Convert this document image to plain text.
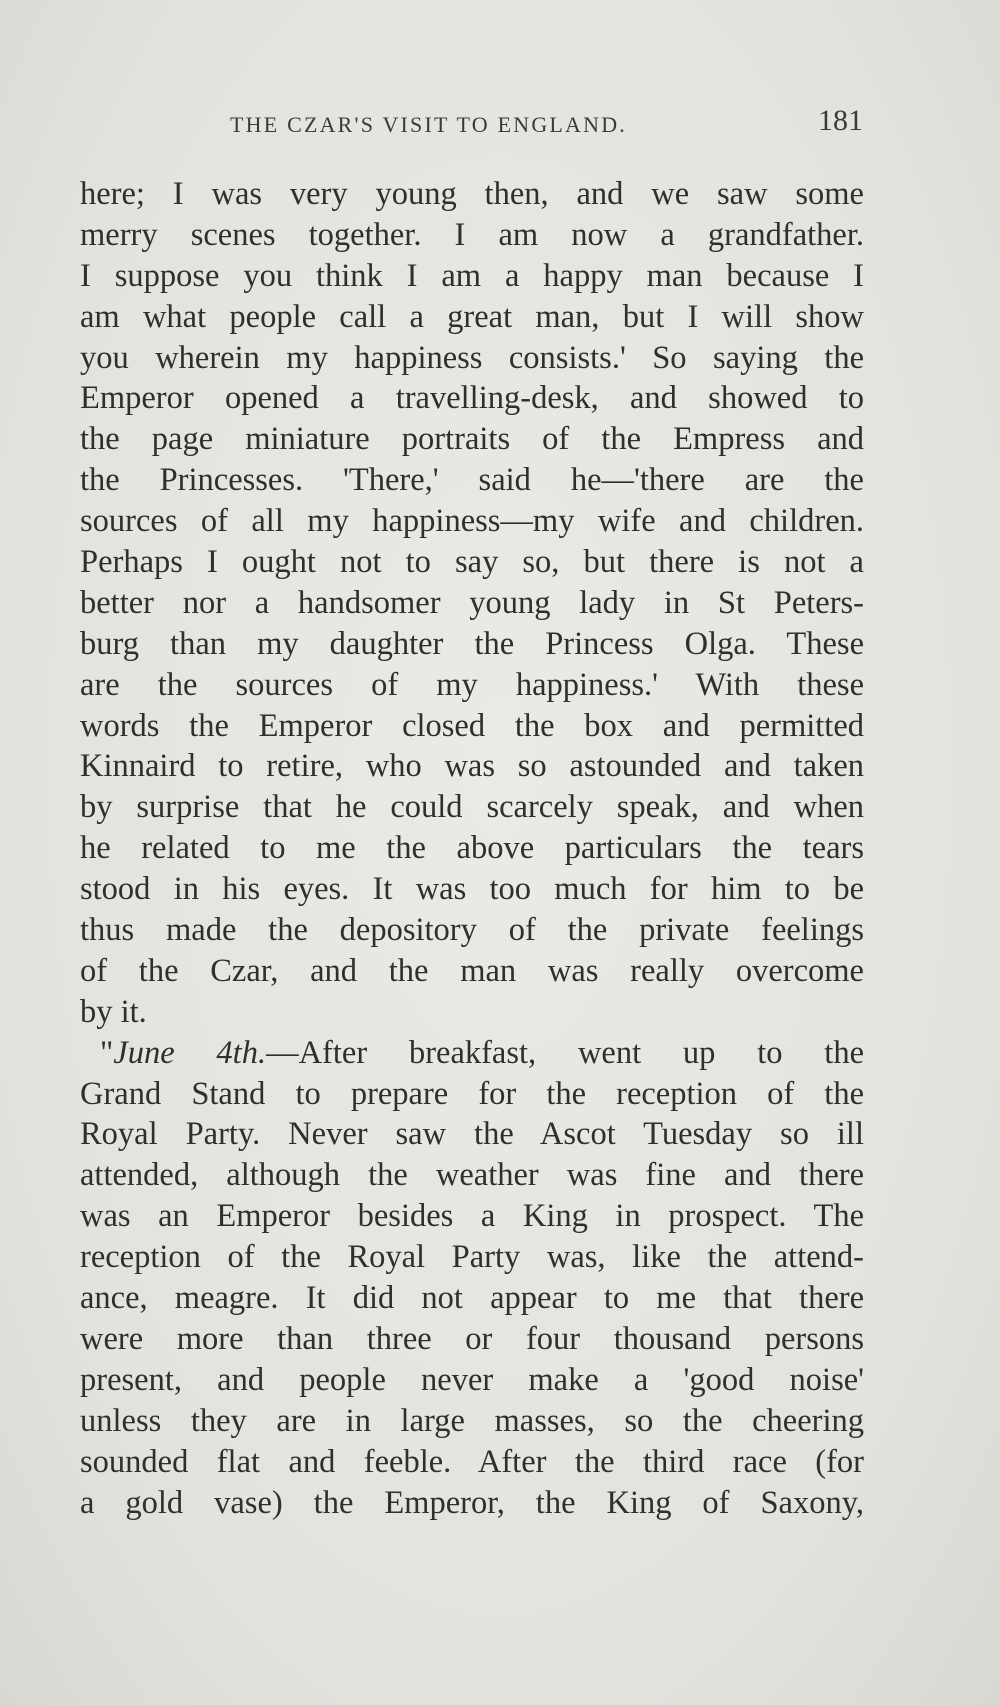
THE CZAR'S VISIT TO ENGLAND.	181
here; I was very young then, and we saw some
merry scenes together. I am now a grandfather.
I suppose you think I am a happy man because I
am what people call a great man, but I will show
you wherein my happiness consists.' So saying the
Emperor opened a travelling-desk, and showed to
the page miniature portraits of the Empress and
the Princesses. 'There,' said he—'there are the
sources of all my happiness—my wife and children.
Perhaps I ought not to say so, but there is not a
better nor a handsomer young lady in St Peters-
burg than my daughter the Princess Olga. These
are the sources of my happiness.' With these
words the Emperor closed the box and permitted
Kinnaird to retire, who was so astounded and taken
by surprise that he could scarcely speak, and when
he related to me the above particulars the tears
stood in his eyes. It was too much for him to be
thus made the depository of the private feelings
of the Czar, and the man was really overcome
by it.
"June 4th.—After breakfast, went up to the
Grand Stand to prepare for the reception of the
Royal Party. Never saw the Ascot Tuesday so ill
attended, although the weather was fine and there
was an Emperor besides a King in prospect. The
reception of the Royal Party was, like the attend-
ance, meagre. It did not appear to me that there
were more than three or four thousand persons
present, and people never make a 'good noise'
unless they are in large masses, so the cheering
sounded flat and feeble. After the third race (for
a gold vase) the Emperor, the King of Saxony,
